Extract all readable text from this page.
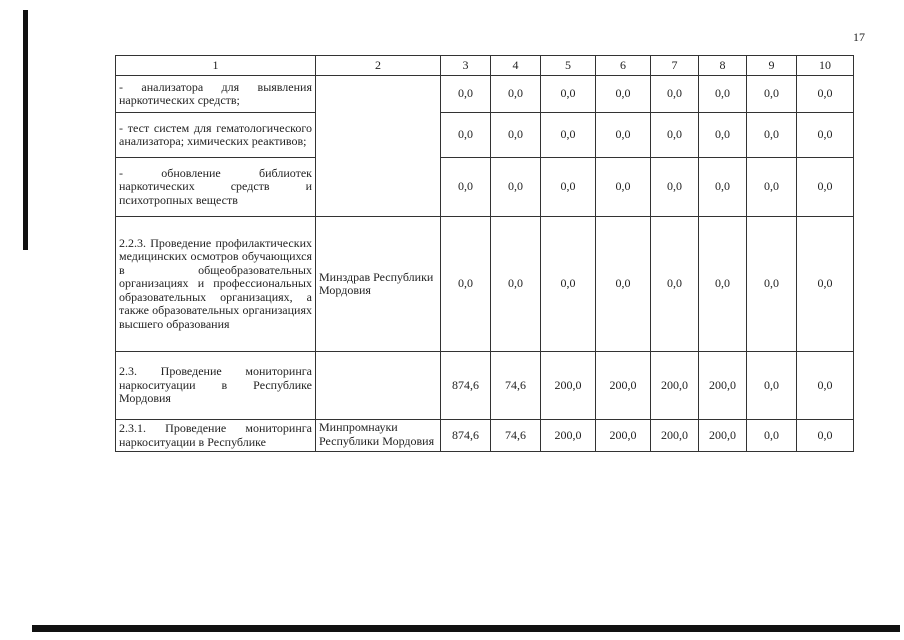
17
1	2	3	4	5	6	7	8	9	10
- анализатора для выявления наркотических средств;		0,0	0,0	0,0	0,0	0,0	0,0	0,0	0,0
- тест систем для гематологического анализатора; химических реактивов;		0,0	0,0	0,0	0,0	0,0	0,0	0,0	0,0
- обновление библиотек наркотических средств и психотропных веществ		0,0	0,0	0,0	0,0	0,0	0,0	0,0	0,0
2.2.3. Проведение профилактических медицинских осмотров обучающихся в общеобразовательных организациях и профессиональных образовательных организациях, а также образовательных организациях высшего образования	Минздрав Республики Мордовия	0,0	0,0	0,0	0,0	0,0	0,0	0,0	0,0
2.3. Проведение мониторинга наркоситуации в Республике Мордовия		874,6	74,6	200,0	200,0	200,0	200,0	0,0	0,0
2.3.1. Проведение мониторинга наркоситуации в Республике	Минпромнауки Республики Мордовия	874,6	74,6	200,0	200,0	200,0	200,0	0,0	0,0
